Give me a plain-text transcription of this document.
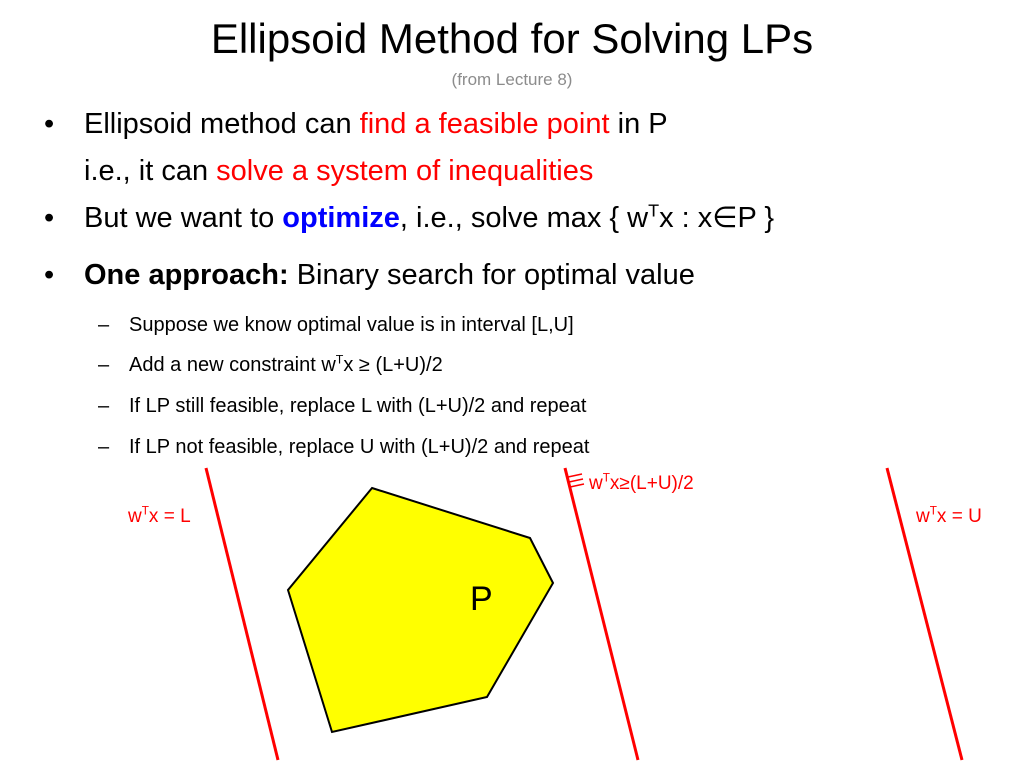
Ellipsoid Method for Solving LPs
(from Lecture 8)
• Ellipsoid method can find a feasible point in P
i.e., it can solve a system of inequalities
• But we want to optimize, i.e., solve max { $w^Tx$ : x∈P }
• One approach: Binary search for optimal value
– Suppose we know optimal value is in interval [L,U]
– Add a new constraint $w^Tx \ge (L+U)/2$
– If LP still feasible, replace L with (L+U)/2 and repeat
– If LP not feasible, replace U with (L+U)/2 and repeat
$w^Tx = L$
$w^Tx\ge(L+U)/2$
$w^Tx = U$
P
